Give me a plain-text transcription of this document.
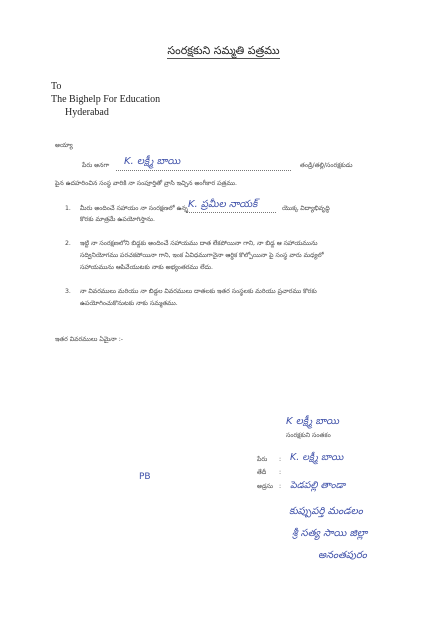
సంరక్షకుని సమ్మతి పత్రము
To
The Bighelp For Education
Hyderabad
అయ్యా
పేరు అనగా K. లక్ష్మీ బాయి	తండ్రి/తల్లి/సంరక్షకుడు
పైన ఉదహరించిన సంస్థ వారికి నా సంపూర్తితో వ్రాసి ఇచ్చిన అంగీకార పత్రము.
1. మీరు అందించే సహాయం నా సంరక్షణలో ఉన్న K. ప్రమీల నాయక్	యొక్క విద్యాభివృద్ధి
కొరకు మాత్రమే ఉపయోగిస్తాను.
2. ఇట్టి నా సంరక్షణలోని బిడ్డకు అందించే సహాయము దాత లేకపోయినా గాని, నా బిడ్డ ఆ సహాయమును
సద్వినియోగము పరచకపోయినా గాని, ఇంక ఏవిధముగానైనా ఆర్థిక కొల్పోయినా పై సంస్థ వారు మధ్యలో
సహాయమును ఆపివేయుటకు నాకు అభ్యంతరము లేదు.
3. నా వివరములు మరియు నా బిడ్డల వివరములు దాతలకు ఇతర సంస్థలకు మరియు ప్రచారము కొరకు
ఉపయోగించుకొనుటకు నాకు సమ్మతము.
ఇతర వివరములు ఏమైనా :-
K లక్ష్మీ బాయి
సంరక్షకుని సంతకం
PB
పేరు : K. లక్ష్మీ బాయి
తేదీ :
అడ్రసు : పెడపల్లి తాండా
కుప్పుపర్తి మండలం
శ్రీ సత్య సాయి జిల్లా
అనంతపురం
